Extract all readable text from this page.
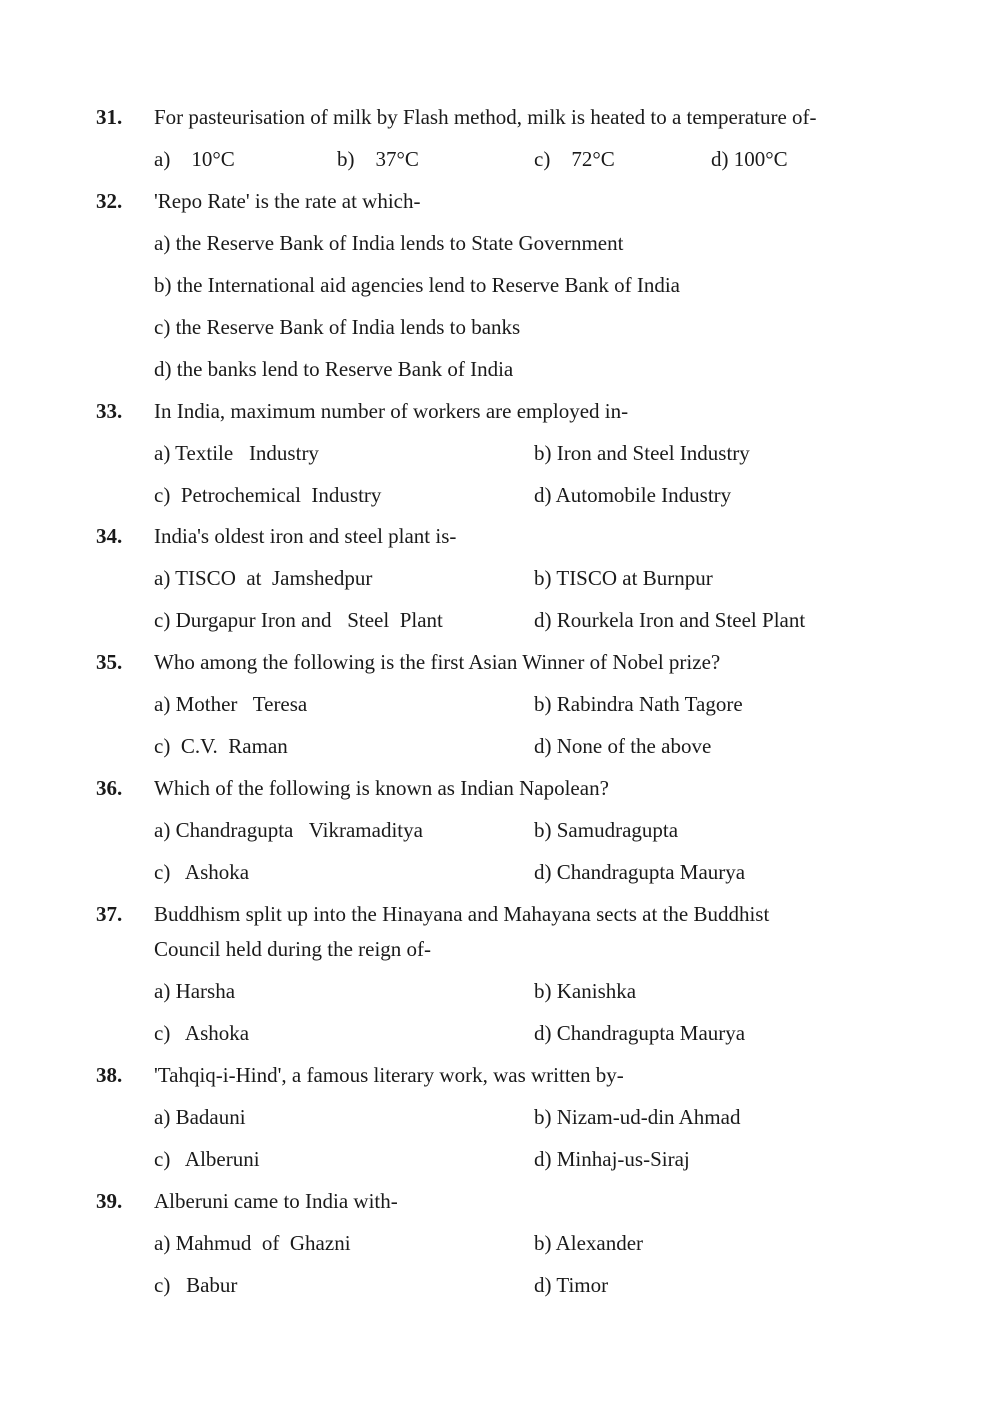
31.	For pasteurisation of milk by Flash method, milk is heated to a temperature of-
a)    10°C	b)    37°C	c)    72°C	d) 100°C
32.	'Repo Rate' is the rate at which-
a) the Reserve Bank of India lends to State Government
b) the International aid agencies lend to Reserve Bank of India
c) the Reserve Bank of India lends to banks
d) the banks lend to Reserve Bank of India
33.	In India, maximum number of workers are employed in-
a) Textile   Industry	b) Iron and Steel Industry
c)  Petrochemical  Industry	d) Automobile Industry
34.	India's oldest iron and steel plant is-
a) TISCO  at  Jamshedpur	b) TISCO at Burnpur
c) Durgapur Iron and   Steel  Plant	d) Rourkela Iron and Steel Plant
35.	Who among the following is the first Asian Winner of Nobel prize?
a) Mother   Teresa	b) Rabindra Nath Tagore
c)  C.V.  Raman	d) None of the above
36.	Which of the following is known as Indian Napolean?
a) Chandragupta   Vikramaditya	b) Samudragupta
c)   Ashoka	d) Chandragupta Maurya
37.	Buddhism split up into the Hinayana and Mahayana sects at the Buddhist
Council held during the reign of-
a) Harsha	b) Kanishka
c)   Ashoka	d) Chandragupta Maurya
38.	'Tahqiq-i-Hind', a famous literary work, was written by-
a) Badauni	b) Nizam-ud-din Ahmad
c)   Alberuni	d) Minhaj-us-Siraj
39.	Alberuni came to India with-
a) Mahmud  of  Ghazni	b) Alexander
c)   Babur	d) Timor
